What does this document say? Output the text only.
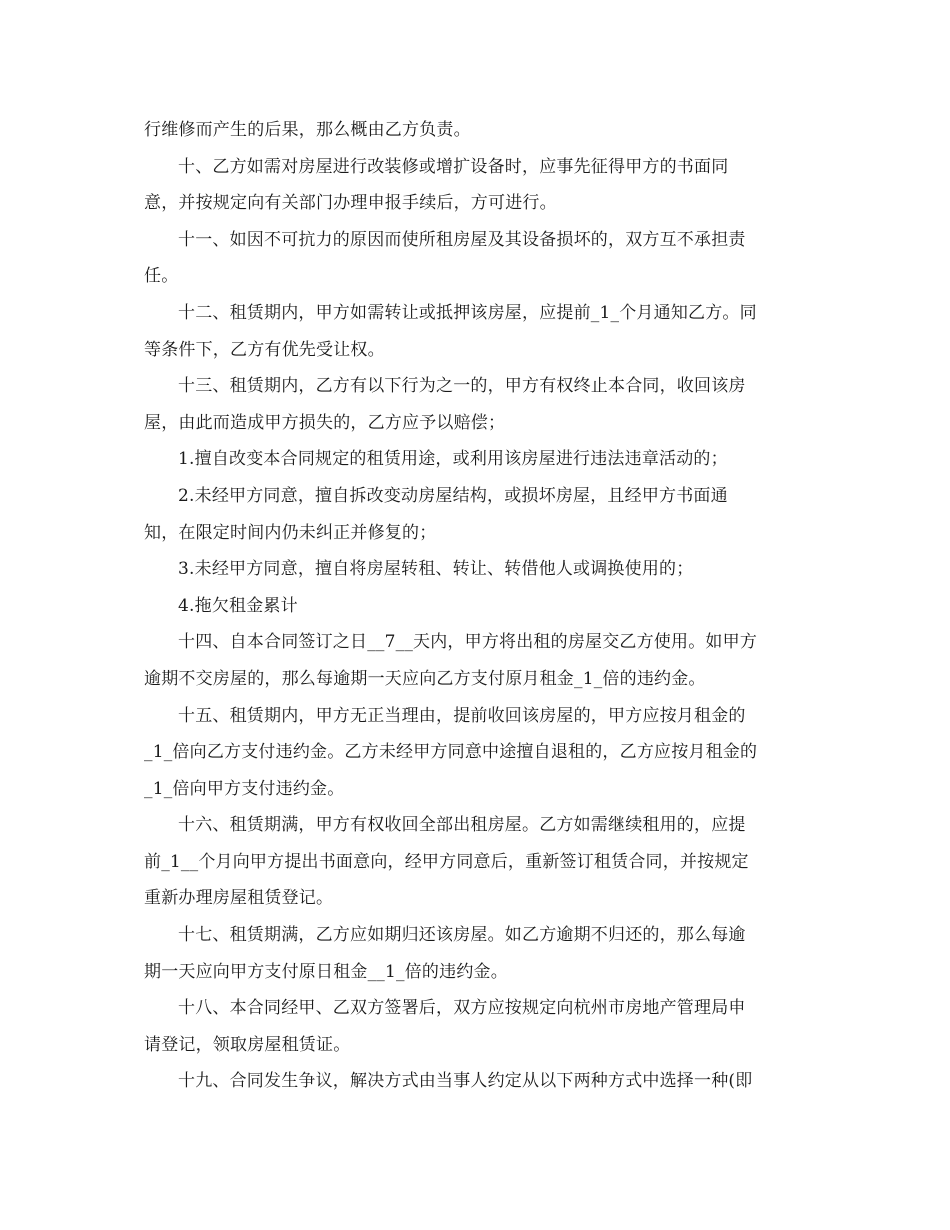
行维修而产生的后果，那么概由乙方负责。
十、乙方如需对房屋进行改装修或增扩设备时，应事先征得甲方的书面同
意，并按规定向有关部门办理申报手续后，方可进行。
十一、如因不可抗力的原因而使所租房屋及其设备损坏的，双方互不承担责
任。
十二、租赁期内，甲方如需转让或抵押该房屋，应提前_1_个月通知乙方。同
等条件下，乙方有优先受让权。
十三、租赁期内，乙方有以下行为之一的，甲方有权终止本合同，收回该房
屋，由此而造成甲方损失的，乙方应予以赔偿；
1.擅自改变本合同规定的租赁用途，或利用该房屋进行违法违章活动的；
2.未经甲方同意，擅自拆改变动房屋结构，或损坏房屋，且经甲方书面通
知，在限定时间内仍未纠正并修复的；
3.未经甲方同意，擅自将房屋转租、转让、转借他人或调换使用的；
4.拖欠租金累计
十四、自本合同签订之日__7__天内，甲方将出租的房屋交乙方使用。如甲方
逾期不交房屋的，那么每逾期一天应向乙方支付原月租金_1_倍的违约金。
十五、租赁期内，甲方无正当理由，提前收回该房屋的，甲方应按月租金的
_1_倍向乙方支付违约金。乙方未经甲方同意中途擅自退租的，乙方应按月租金的
_1_倍向甲方支付违约金。
十六、租赁期满，甲方有权收回全部出租房屋。乙方如需继续租用的，应提
前_1__个月向甲方提出书面意向，经甲方同意后，重新签订租赁合同，并按规定
重新办理房屋租赁登记。
十七、租赁期满，乙方应如期归还该房屋。如乙方逾期不归还的，那么每逾
期一天应向甲方支付原日租金__1_倍的违约金。
十八、本合同经甲、乙双方签署后，双方应按规定向杭州市房地产管理局申
请登记，领取房屋租赁证。
十九、合同发生争议，解决方式由当事人约定从以下两种方式中选择一种(即
